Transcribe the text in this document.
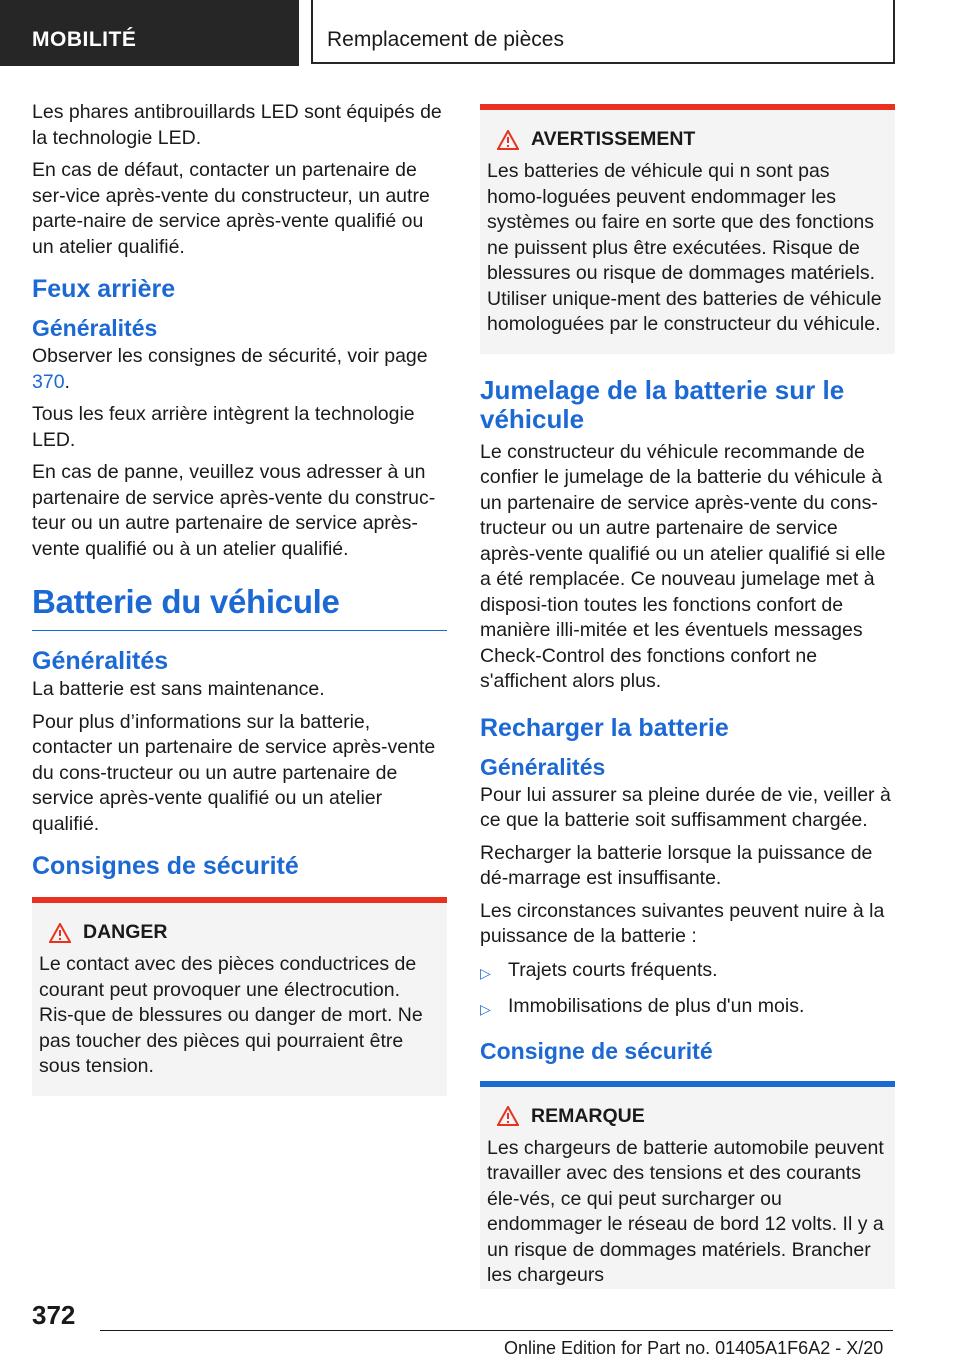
MOBILITÉ	Remplacement de pièces

Les phares antibrouillards LED sont équipés de la technologie LED.

En cas de défaut, contacter un partenaire de ser-vice après-vente du constructeur, un autre parte-naire de service après-vente qualifié ou un atelier qualifié.

Feux arrière
Généralités

Observer les consignes de sécurité, voir page 370.

Tous les feux arrière intègrent la technologie LED.

En cas de panne, veuillez vous adresser à un partenaire de service après-vente du construc-teur ou un autre partenaire de service après-vente qualifié ou à un atelier qualifié.

Batterie du véhicule
Généralités

La batterie est sans maintenance.

Pour plus d’informations sur la batterie, contacter un partenaire de service après-vente du cons-tructeur ou un autre partenaire de service après-vente qualifié ou un atelier qualifié.

Consignes de sécurité
DANGER

Le contact avec des pièces conductrices de courant peut provoquer une électrocution. Ris-que de blessures ou danger de mort. Ne pas toucher des pièces qui pourraient être sous tension.

AVERTISSEMENT

Les batteries de véhicule qui n sont pas homo-loguées peuvent endommager les systèmes ou faire en sorte que des fonctions ne puissent plus être exécutées. Risque de blessures ou risque de dommages matériels. Utiliser unique-ment des batteries de véhicule homologuées par le constructeur du véhicule.

Jumelage de la batterie sur le véhicule

Le constructeur du véhicule recommande de confier le jumelage de la batterie du véhicule à un partenaire de service après-vente du cons-tructeur ou un autre partenaire de service après-vente qualifié ou un atelier qualifié si elle a été remplacée. Ce nouveau jumelage met à disposi-tion toutes les fonctions confort de manière illi-mitée et les éventuels messages Check-Control des fonctions confort ne s'affichent alors plus.

Recharger la batterie
Généralités

Pour lui assurer sa pleine durée de vie, veiller à ce que la batterie soit suffisamment chargée.

Recharger la batterie lorsque la puissance de dé-marrage est insuffisante.

Les circonstances suivantes peuvent nuire à la puissance de la batterie :

▷ Trajets courts fréquents.
▷ Immobilisations de plus d'un mois.
Consigne de sécurité
REMARQUE

Les chargeurs de batterie automobile peuvent travailler avec des tensions et des courants éle-vés, ce qui peut surcharger ou endommager le réseau de bord 12 volts. Il y a un risque de dommages matériels. Brancher les chargeurs

372
Online Edition for Part no. 01405A1F6A2 - X/20
